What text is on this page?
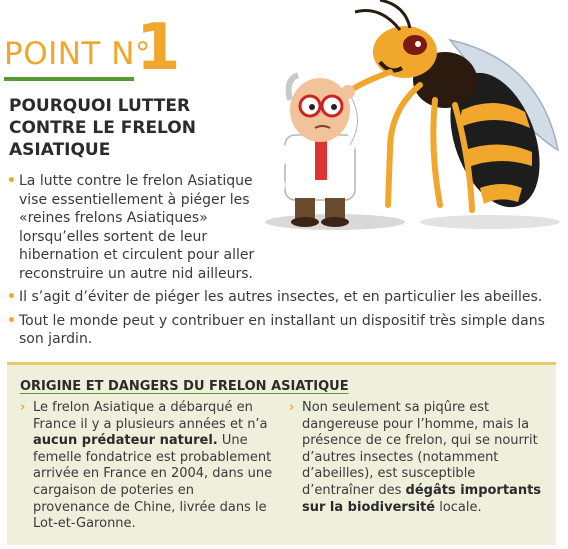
POINT N°
1
POURQUOI LUTTER CONTRE LE FRELON ASIATIQUE
• La lutte contre le frelon Asiatique vise essentiellement à piéger les «reines frelons Asiatiques» lorsqu’elles sortent de leur hibernation et circulent pour aller reconstruire un autre nid ailleurs.
• Il s’agit d’éviter de piéger les autres insectes, et en particulier les abeilles.
• Tout le monde peut y contribuer en installant un dispositif très simple dans son jardin.
ORIGINE ET DANGERS DU FRELON ASIATIQUE
› Le frelon Asiatique a débarqué en France il y a plusieurs années et n’a aucun prédateur naturel. Une femelle fondatrice est probablement arrivée en France en 2004, dans une cargaison de poteries en provenance de Chine, livrée dans le Lot-et-Garonne.
› Non seulement sa piqûre est dangereuse pour l’homme, mais la présence de ce frelon, qui se nourrit d’autres insectes (notamment d’abeilles), est susceptible d’entraîner des dégâts importants sur la biodiversité locale.
